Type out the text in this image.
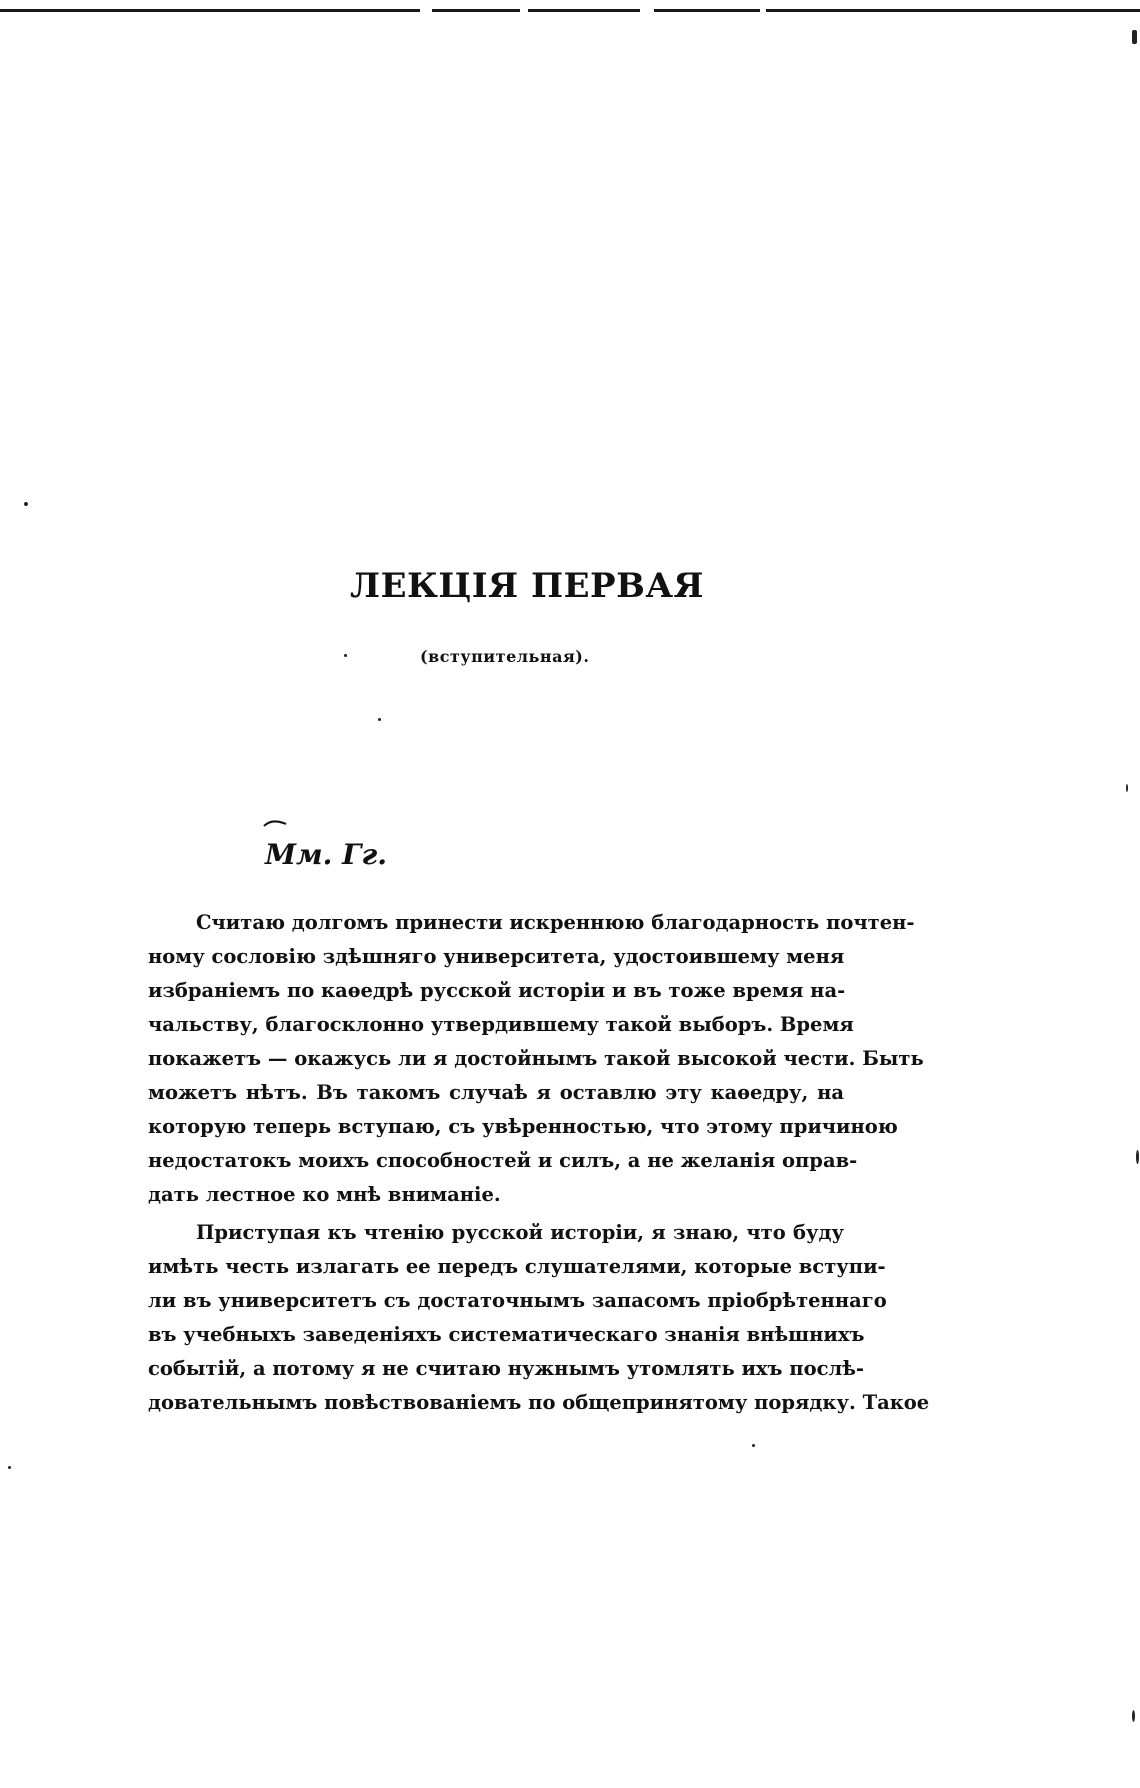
ЛЕКЦІЯ ПЕРВАЯ
(вступительная).
Мм. Гг.
Считаю долгомъ принести искреннюю благодарность почтен-
ному сословію здѣшняго университета, удостоившему меня
избраніемъ по каѳедрѣ русской исторіи и въ тоже время на-
чальству, благосклонно утвердившему такой выборъ. Время
покажетъ — окажусь ли я достойнымъ такой высокой чести. Быть
можетъ нѣтъ. Въ такомъ случаѣ я оставлю эту каѳедру, на
которую теперь вступаю, съ увѣренностью, что этому причиною
недостатокъ моихъ способностей и силъ, а не желанія оправ-
дать лестное ко мнѣ вниманіе.
Приступая къ чтенію русской исторіи, я знаю, что буду
имѣть честь излагать ее передъ слушателями, которые вступи-
ли въ университетъ съ достаточнымъ запасомъ пріобрѣтеннаго
въ учебныхъ заведеніяхъ систематическаго знанія внѣшнихъ
событій, а потому я не считаю нужнымъ утомлять ихъ послѣ-
довательнымъ повѣствованіемъ по общепринятому порядку. Такое
